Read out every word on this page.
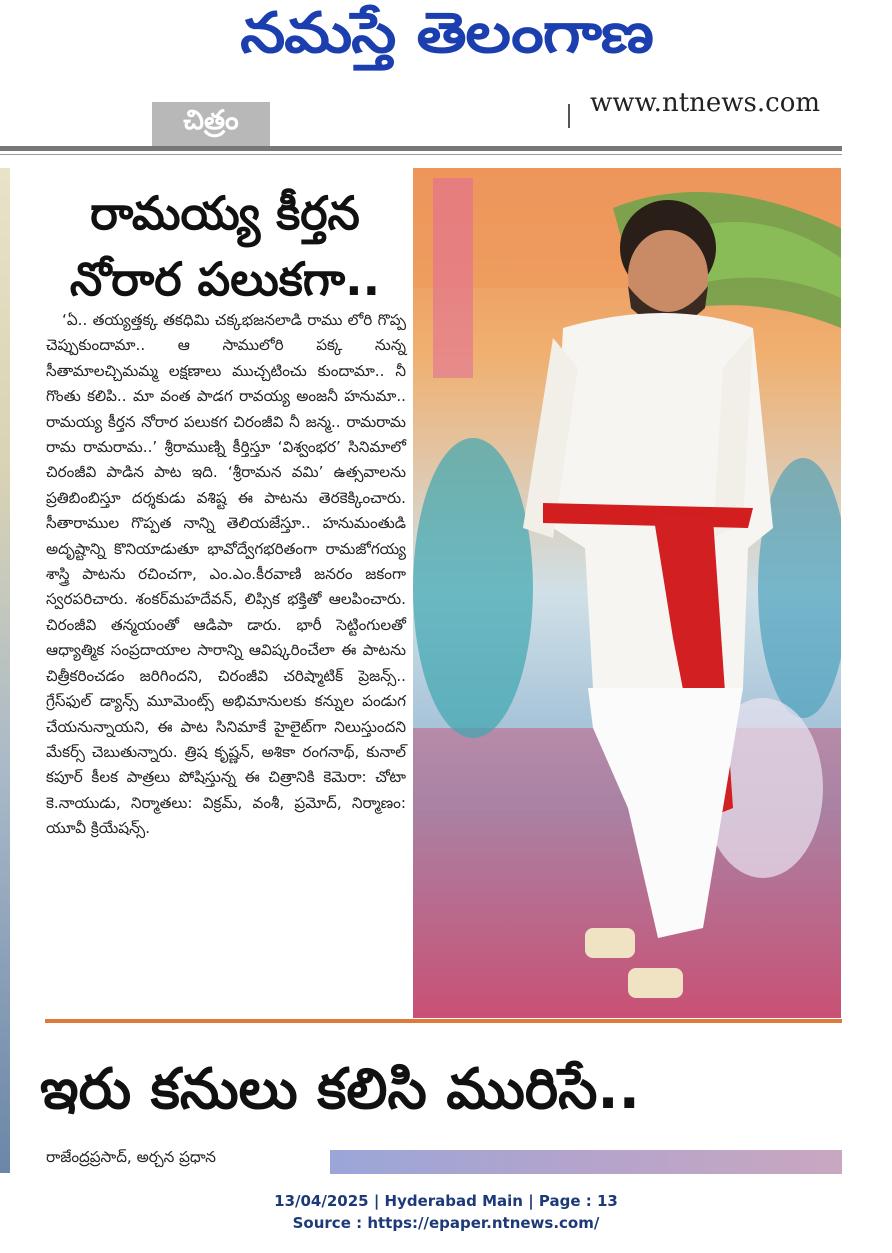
నమస్తే తెలంగాణ
చిత్రం
www.ntnews.com
రామయ్య కీర్తన
నోరార పలుకగా..

‘ఏ.. తయ్యత్తక్క తకధిమి చక్కభజనలాడి రాము లోరి గొప్ప చెప్పుకుందామా.. ఆ సాములోరి పక్క నున్న సీతామాలచ్చిమమ్మ లక్షణాలు ముచ్చటించు కుందామా.. నీ గొంతు కలిపి.. మా వంత పాడగ రావయ్య అంజనీ హనుమా.. రామయ్య కీర్తన నోరార పలుకగ చిరంజీవి నీ జన్మ.. రామరామ రామ రామరామ..’ శ్రీరాముణ్ని కీర్తిస్తూ ‘విశ్వంభర’ సినిమాలో చిరంజీవి పాడిన పాట ఇది. ‘శ్రీరామన వమి’ ఉత్సవాలను ప్రతిబింబిస్తూ దర్శకుడు వశిష్ట ఈ పాటను తెరకెక్కించారు. సీతారాముల గొప్పత నాన్ని తెలియజేస్తూ.. హనుమంతుడి అదృష్టాన్ని కొనియాడుతూ భావోద్వేగభరితంగా రామజోగయ్య శాస్త్రి పాటను రచించగా, ఎం.ఎం.కీరవాణి జనరం జకంగా స్వరపరిచారు. శంకర్‌మహదేవన్, లిప్సిక భక్తితో ఆలపించారు. చిరంజీవి తన్మయంతో ఆడిపా డారు. భారీ సెట్టింగులతో ఆధ్యాత్మిక సంప్రదాయాల సారాన్ని ఆవిష్కరించేలా ఈ పాటను చిత్రీకరించడం జరిగిందని, చిరంజీవి చరిష్మాటిక్ ప్రెజన్స్.. గ్రేస్‌ఫుల్ డ్యాన్స్ మూమెంట్స్ అభిమానులకు కన్నుల పండుగ చేయనున్నాయని, ఈ పాట సినిమాకే హైలైట్‌గా నిలుస్తుందని మేకర్స్ చెబుతున్నారు. త్రిష కృష్ణన్, అశికా రంగనాథ్, కునాల్ కపూర్ కీలక పాత్రలు పోషిస్తున్న ఈ చిత్రానికి కెమెరా: చోటా కె.నాయుడు, నిర్మాతలు: విక్రమ్, వంశీ, ప్రమోద్, నిర్మాణం: యూవీ క్రియేషన్స్.

ఇరు కనులు కలిసి మురిసే..

రాజేంద్రప్రసాద్, అర్చన ప్రధాన

13/04/2025 | Hyderabad Main | Page : 13
Source : https://epaper.ntnews.com/
